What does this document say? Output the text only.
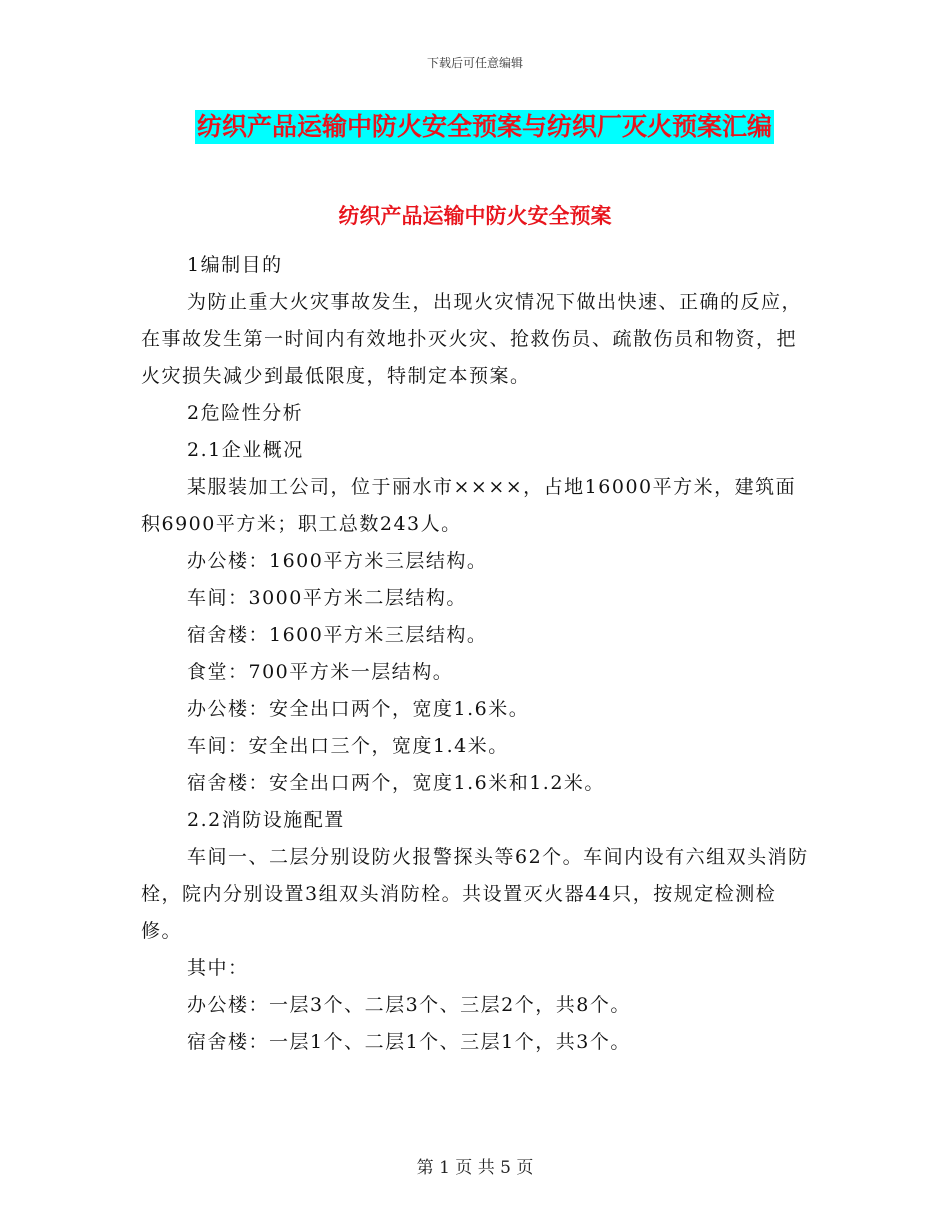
下载后可任意编辑
纺织产品运输中防火安全预案与纺织厂灭火预案汇编
纺织产品运输中防火安全预案

1编制目的

为防止重大火灾事故发生，出现火灾情况下做出快速、正确的反应，在事故发生第一时间内有效地扑灭火灾、抢救伤员、疏散伤员和物资，把火灾损失减少到最低限度，特制定本预案。

2危险性分析

2.1企业概况

某服装加工公司，位于丽水市××××，占地16000平方米，建筑面积6900平方米；职工总数243人。

办公楼：1600平方米三层结构。

车间：3000平方米二层结构。

宿舍楼：1600平方米三层结构。

食堂：700平方米一层结构。

办公楼：安全出口两个，宽度1.6米。

车间：安全出口三个，宽度1.4米。

宿舍楼：安全出口两个，宽度1.6米和1.2米。

2.2消防设施配置

车间一、二层分别设防火报警探头等62个。车间内设有六组双头消防栓，院内分别设置3组双头消防栓。共设置灭火器44只，按规定检测检修。

其中：

办公楼：一层3个、二层3个、三层2个，共8个。

宿舍楼：一层1个、二层1个、三层1个，共3个。

第 1 页 共 5 页
